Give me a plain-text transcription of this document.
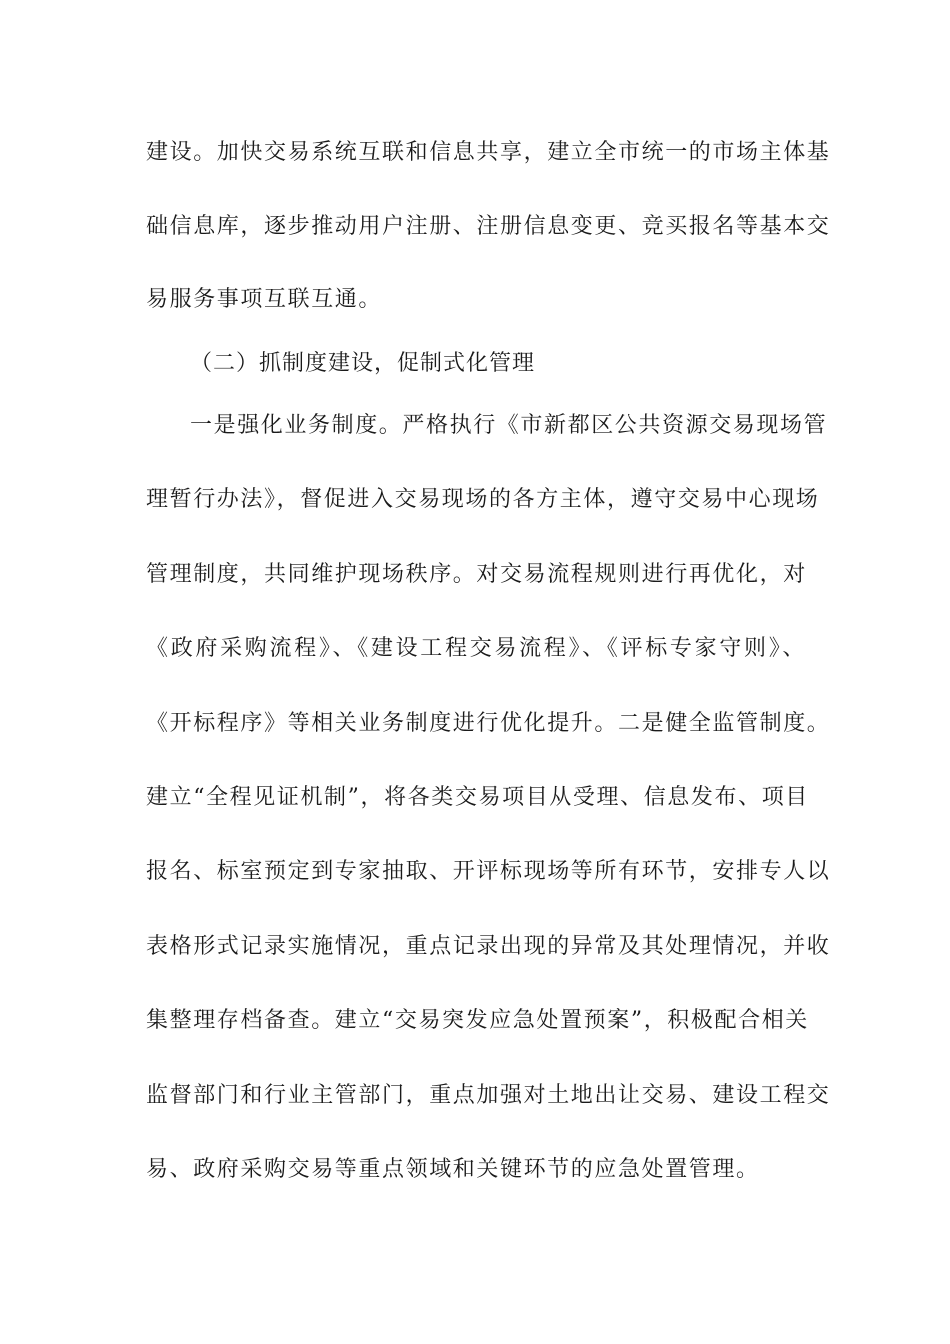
建设。加快交易系统互联和信息共享，建立全市统一的市场主体基
础信息库，逐步推动用户注册、注册信息变更、竞买报名等基本交
易服务事项互联互通。
（二）抓制度建设，促制式化管理
一是强化业务制度。严格执行《市新都区公共资源交易现场管
理暂行办法》，督促进入交易现场的各方主体，遵守交易中心现场
管理制度，共同维护现场秩序。对交易流程规则进行再优化，对
《政府采购流程》、《建设工程交易流程》、《评标专家守则》、
《开标程序》等相关业务制度进行优化提升。二是健全监管制度。
建立“全程见证机制”，将各类交易项目从受理、信息发布、项目
报名、标室预定到专家抽取、开评标现场等所有环节，安排专人以
表格形式记录实施情况，重点记录出现的异常及其处理情况，并收
集整理存档备查。建立“交易突发应急处置预案”，积极配合相关
监督部门和行业主管部门，重点加强对土地出让交易、建设工程交
易、政府采购交易等重点领域和关键环节的应急处置管理。
